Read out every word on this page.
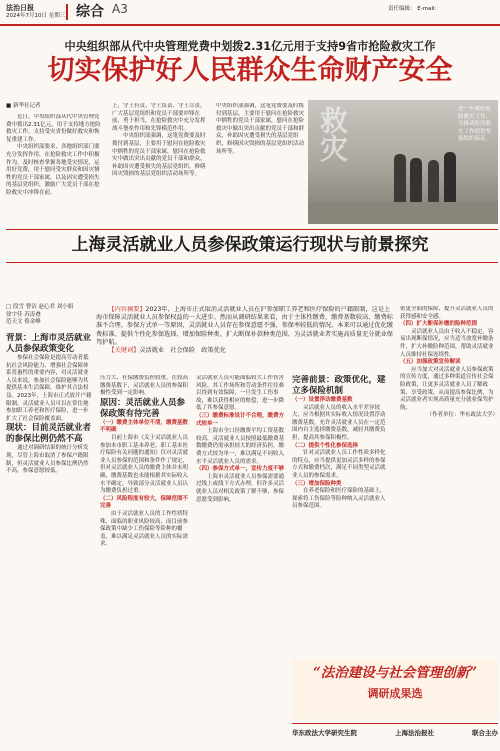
法治日报
2024年7月10日 星期三 综合 A3	责任编辑： E-mail:
中央组织部从代中央管理党费中划拨2.31亿元用于支持9省市抢险救灾工作
切实保护好人民群众生命财产安全
■ 新华社记者

近日，中央组织部从代中央管理党费中拨出2.31亿元，用于支持地方抢险救灾工作，支持受灾省份做好救灾和恢复重建工作。

中央组织部要求，各地组织部门要充分发挥作用，在抢险救灾工作中积极作为，及时核查掌握各地受灾情况，运用好党费，用于慰问受灾群众和因灾牺牲的党员干部家属，以及因灾遭受损失的基层党组织，激励广大党员干部在抢险救灾中冲锋在前。

上，守土有责、守土负责、守土尽责，广大基层党组织和党员干部要冲锋在前，勇于担当，在抢险救灾中充分发挥战斗堡垒作用和先锋模范作用。

中央组织部强调，这笔党费要及时拨付到基层，主要用于慰问在抢险救灾中牺牲的党员干部家属，慰问在抢险救灾中做出突出贡献的党员干部和群众，补助因灾遭受损失的基层党组织，修缮因灾毁损的基层党组织活动场所等。

中央组织部强调，这笔党费要及时拨付到基层，主要用于慰问在抢险救灾中牺牲的党员干部家属，慰问在抢险救灾中做出突出贡献的党员干部和群众，补助因灾遭受损失的基层党组织，修缮因灾毁损的基层党组织活动场所等。	救灾	进一步做好抢险救灾工作，为推动防汛救灾工作提供坚强组织保证。

上海灵活就业人员参保政策运行现状与前景探究
□ 段雪 曹洁 赵心君 刘小娟
徐宇佳 苏涛叠
范天文 蔡金峰

【内容摘要】2023年，上海市正式取消灵活就业人员在沪参加职工养老和医疗保险的户籍限制，这是上海市保障灵活就业人员参保权益的一大进步。然而从调研结果来看，由于主体性缴费、缴费基数较高、缴费标准不合理、参保方式单一等原因，灵活就业人员存在参保意愿不强、参保率较低的情况。本来可以通过优化缴费标准、提供个性化参保选择、增加保险种类、扩大断保补款种类范围、为灵活就业者实施高质量充分就业保驾护航。

【关键词】灵活就业　社会保险　政策优化

背景：上海市灵活就业人员参保政策变化

参保社会保险是提高劳动者抵抗社会风险能力、增强社会保障体系普惠性的重要内容，对灵活就业人员来说，参加社会保险能够为其提供基本生活保障，维护其合法权益。2023年，上海市正式放开户籍限制，灵活就业人员可以在常住地参加职工养老和医疗保险，进一步扩大了社会保险覆盖面。

现状：目前灵活就业者的参保比例仍然不高

通过对调研结果的统计分析发现，尽管上海市取消了参保户籍限制，但灵活就业人员参保比例仍然不高，参保意愿较低。

压力大、社保缴费负担较重，在较高缴费基数下，灵活就业人员的参保积极性受到一定影响。

原因：灵活就业人员参保政策有待完善
（一）缴费主体单位不清，缴费基数不明确

目前上海市《关于灵活就业人员参加本市职工基本养老、职工基本医疗保险有关问题的通知》仅对灵活就业人员参保的范围和条件作了规定，但对灵活就业人员的缴费主体并未明确，缴费基数也未能根据其实际收入水平确定，导致部分灵活就业人员认为缴费负担过重。

（二）风险程度有较大，保障范围不完善

由于灵活就业人员的工作性质特殊，面临的职业风险较高，而目前参保政策中缺少工伤保险等险种的覆盖，难以满足灵活就业人员的实际需求。

灵活就业人员可能面临较大工作伤害风险，其工作场所和劳动条件往往难以得到有效保障，一旦发生工伤事故，难以获得相应的赔偿，进一步降低了其参保意愿。

（三）缴费标准设计不合理，缴费方式较单一

上海市全口径缴费平均工资基数较高，灵活就业人员按照最低缴费基数缴费仍需承担较大的经济负担，缴费方式较为单一，难以满足不同收入水平灵活就业人员的需求。

（四）参保方式单一，宣传力度不够

上海市灵活就业人员参保需要通过线上或线下方式办理，但许多灵活就业人员对相关政策了解不够，参保意愿受到影响。

完善前景：政策优化，建立多保险机制
（一）设置浮动缴费基数

灵活就业人员的收入水平差异较大，应当根据其实际收入情况设置浮动缴费基数，允许灵活就业人员在一定范围内自主选择缴费基数，减轻其缴费负担，提高其参保积极性。

（二）提供个性化参保选择

针对灵活就业人员工作性质多样化的特点，应当提供更加灵活多样的参保方式和缴费档次，满足不同类型灵活就业人员的参保需求。

（三）增加保险种类

在养老保险和医疗保险的基础上，探索将工伤保险等险种纳入灵活就业人员参保范围。

依更全面的保障，提升灵活就业人员的获得感和安全感。

（四）扩大断保补缴的险种范围

灵活就业人员由于收入不稳定，容易出现断保情况，应当适当放宽补缴条件，扩大补缴险种范围，帮助灵活就业人员维持社保连续性。

（五）加强政策宣传解读

应当加大对灵活就业人员参保政策的宣传力度，通过多种渠道宣传社会保险政策，让更多灵活就业人员了解政策、享受政策，从而提高参保比例，为灵活就业者实现高质量充分就业保驾护航。

（作者单位：华东政法大学）
“法治建设与社会管理创新”
调研成果选
华东政法大学研究生院	上海法治报社	联合主办
